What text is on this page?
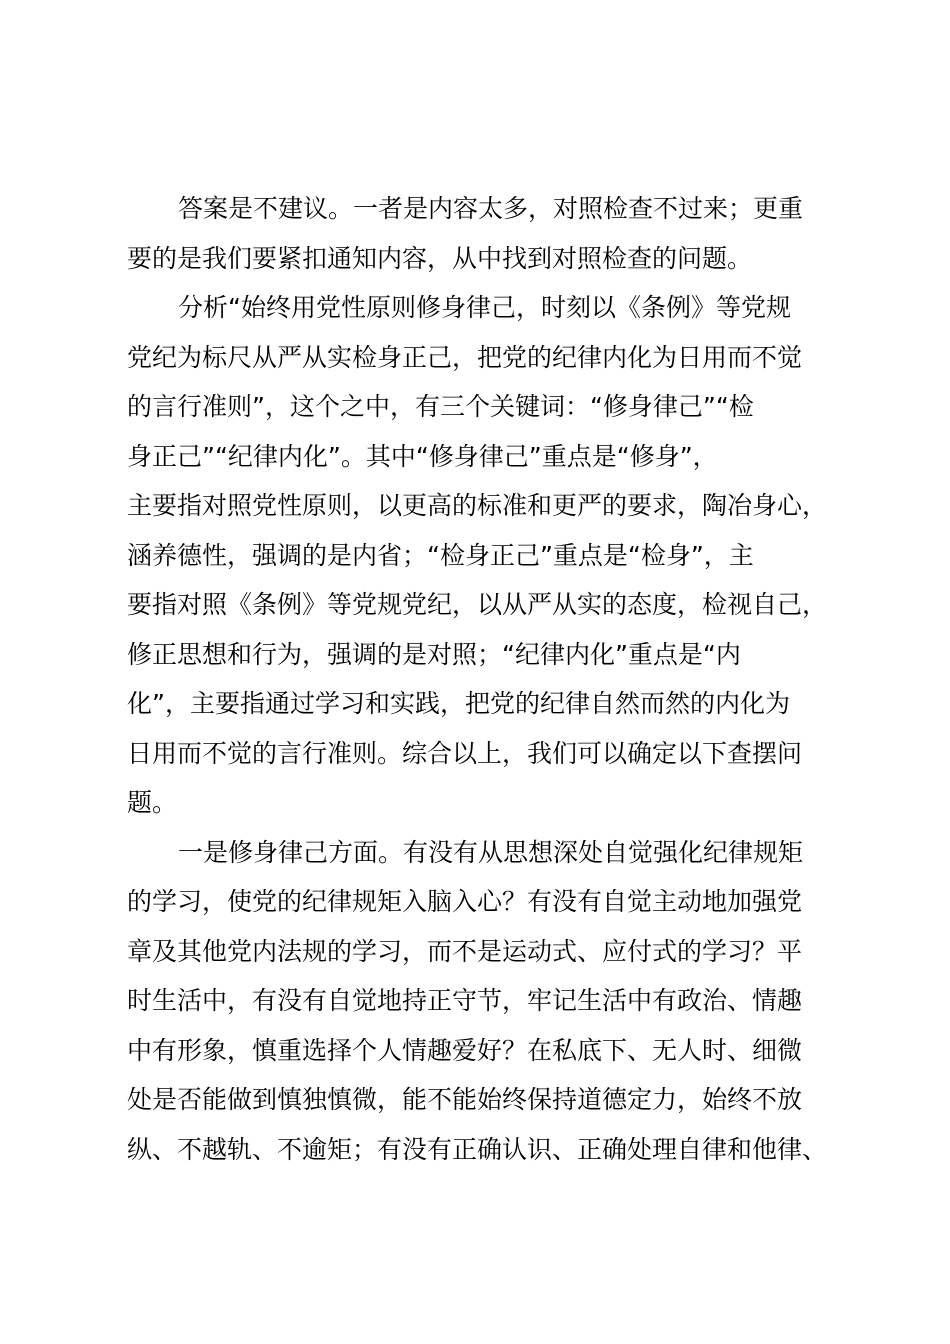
答案是不建议。一者是内容太多，对照检查不过来；更重
要的是我们要紧扣通知内容，从中找到对照检查的问题。
分析“始终用党性原则修身律己，时刻以《条例》等党规
党纪为标尺从严从实检身正己，把党的纪律内化为日用而不觉
的言行准则”，这个之中，有三个关键词：“修身律己”“检
身正己”“纪律内化”。其中“修身律己”重点是“修身”，
主要指对照党性原则，以更高的标准和更严的要求，陶冶身心，
涵养德性，强调的是内省；“检身正己”重点是“检身”，主
要指对照《条例》等党规党纪，以从严从实的态度，检视自己，
修正思想和行为，强调的是对照；“纪律内化”重点是“内
化”，主要指通过学习和实践，把党的纪律自然而然的内化为
日用而不觉的言行准则。综合以上，我们可以确定以下查摆问
题。
一是修身律己方面。有没有从思想深处自觉强化纪律规矩
的学习，使党的纪律规矩入脑入心？有没有自觉主动地加强党
章及其他党内法规的学习，而不是运动式、应付式的学习？平
时生活中，有没有自觉地持正守节，牢记生活中有政治、情趣
中有形象，慎重选择个人情趣爱好？在私底下、无人时、细微
处是否能做到慎独慎微，能不能始终保持道德定力，始终不放
纵、不越轨、不逾矩；有没有正确认识、正确处理自律和他律、
